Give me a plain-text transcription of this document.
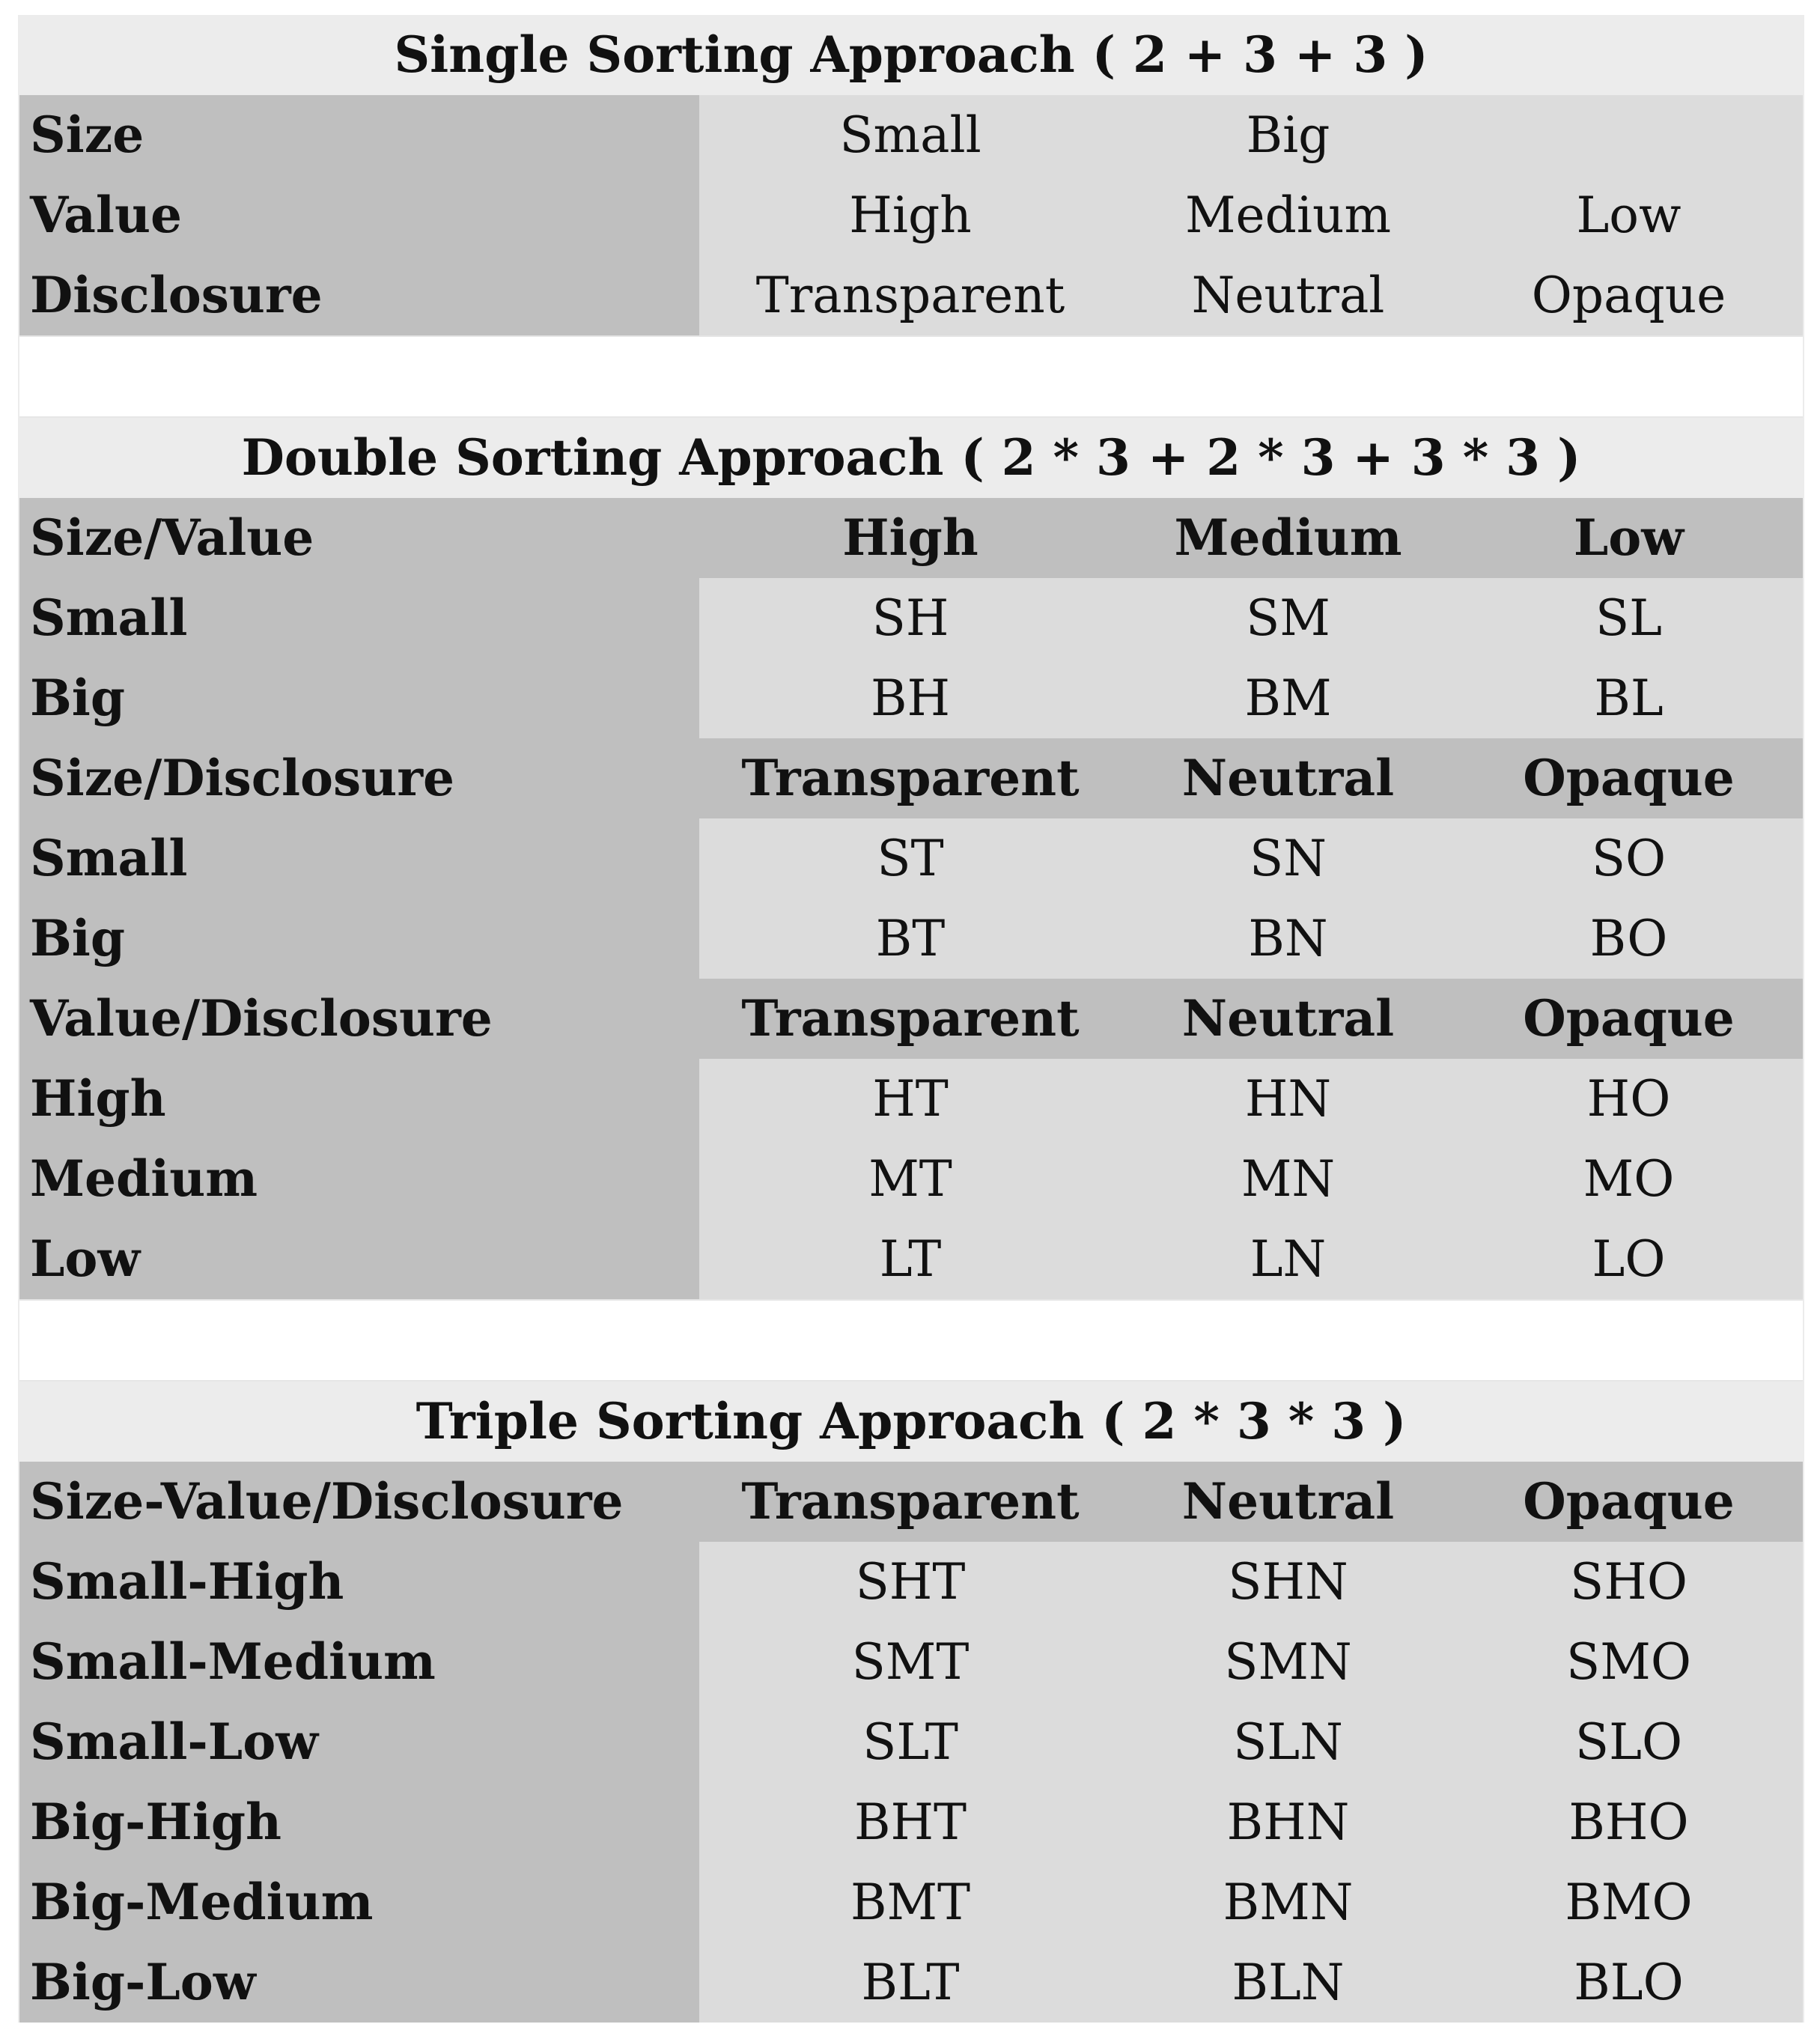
Single Sorting Approach ( 2 + 3 + 3 )
Size	Small	Big
Value	High	Medium	Low
Disclosure	Transparent	Neutral	Opaque
Double Sorting Approach ( 2 * 3 + 2 * 3 + 3 * 3 )
Size/Value	High	Medium	Low
Small	SH	SM	SL
Big	BH	BM	BL
Size/Disclosure	Transparent	Neutral	Opaque
Small	ST	SN	SO
Big	BT	BN	BO
Value/Disclosure	Transparent	Neutral	Opaque
High	HT	HN	HO
Medium	MT	MN	MO
Low	LT	LN	LO
Triple Sorting Approach ( 2 * 3 * 3 )
Size-Value/Disclosure	Transparent	Neutral	Opaque
Small-High	SHT	SHN	SHO
Small-Medium	SMT	SMN	SMO
Small-Low	SLT	SLN	SLO
Big-High	BHT	BHN	BHO
Big-Medium	BMT	BMN	BMO
Big-Low	BLT	BLN	BLO
